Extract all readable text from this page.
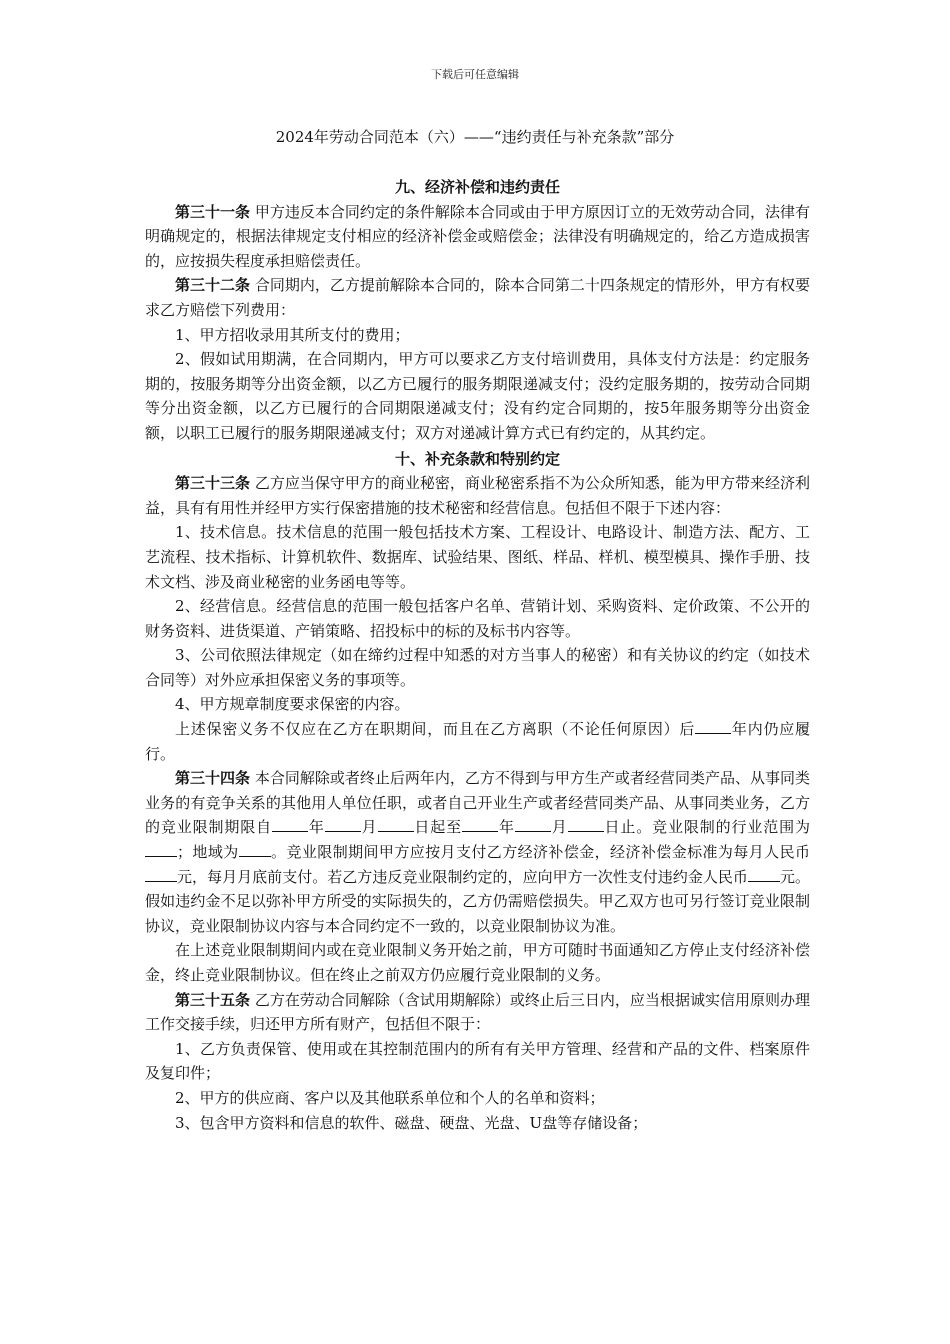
下载后可任意编辑
2024年劳动合同范本（六）——“违约责任与补充条款”部分
九、经济补偿和违约责任

第三十一条 甲方违反本合同约定的条件解除本合同或由于甲方原因订立的无效劳动合同，法律有明确规定的，根据法律规定支付相应的经济补偿金或赔偿金；法律没有明确规定的，给乙方造成损害的，应按损失程度承担赔偿责任。

第三十二条 合同期内，乙方提前解除本合同的，除本合同第二十四条规定的情形外，甲方有权要求乙方赔偿下列费用：

1、甲方招收录用其所支付的费用；

2、假如试用期满，在合同期内，甲方可以要求乙方支付培训费用，具体支付方法是：约定服务期的，按服务期等分出资金额，以乙方已履行的服务期限递减支付；没约定服务期的，按劳动合同期等分出资金额，以乙方已履行的合同期限递减支付；没有约定合同期的，按5年服务期等分出资金额，以职工已履行的服务期限递减支付；双方对递减计算方式已有约定的，从其约定。

十、补充条款和特别约定

第三十三条 乙方应当保守甲方的商业秘密，商业秘密系指不为公众所知悉，能为甲方带来经济利益，具有有用性并经甲方实行保密措施的技术秘密和经营信息。包括但不限于下述内容：

1、技术信息。技术信息的范围一般包括技术方案、工程设计、电路设计、制造方法、配方、工艺流程、技术指标、计算机软件、数据库、试验结果、图纸、样品、样机、模型模具、操作手册、技术文档、涉及商业秘密的业务函电等等。

2、经营信息。经营信息的范围一般包括客户名单、营销计划、采购资料、定价政策、不公开的财务资料、进货渠道、产销策略、招投标中的标的及标书内容等。

3、公司依照法律规定（如在缔约过程中知悉的对方当事人的秘密）和有关协议的约定（如技术合同等）对外应承担保密义务的事项等。

4、甲方规章制度要求保密的内容。

上述保密义务不仅应在乙方在职期间，而且在乙方离职（不论任何原因）后 年内仍应履行。

第三十四条 本合同解除或者终止后两年内，乙方不得到与甲方生产或者经营同类产品、从事同类业务的有竞争关系的其他用人单位任职，或者自己开业生产或者经营同类产品、从事同类业务，乙方的竞业限制期限自 年 月 日起至 年 月 日止。竞业限制的行业范围为；地域为 。竞业限制期间甲方应按月支付乙方经济补偿金，经济补偿金标准为每月人民币元，每月月底前支付。若乙方违反竞业限制约定的，应向甲方一次性支付违约金人民币 元。假如违约金不足以弥补甲方所受的实际损失的，乙方仍需赔偿损失。甲乙双方也可另行签订竞业限制协议，竞业限制协议内容与本合同约定不一致的，以竞业限制协议为准。

在上述竞业限制期间内或在竞业限制义务开始之前，甲方可随时书面通知乙方停止支付经济补偿金，终止竞业限制协议。但在终止之前双方仍应履行竞业限制的义务。

第三十五条 乙方在劳动合同解除（含试用期解除）或终止后三日内，应当根据诚实信用原则办理工作交接手续，归还甲方所有财产，包括但不限于：

1、乙方负责保管、使用或在其控制范围内的所有有关甲方管理、经营和产品的文件、档案原件及复印件；

2、甲方的供应商、客户以及其他联系单位和个人的名单和资料；

3、包含甲方资料和信息的软件、磁盘、硬盘、光盘、U盘等存储设备；
